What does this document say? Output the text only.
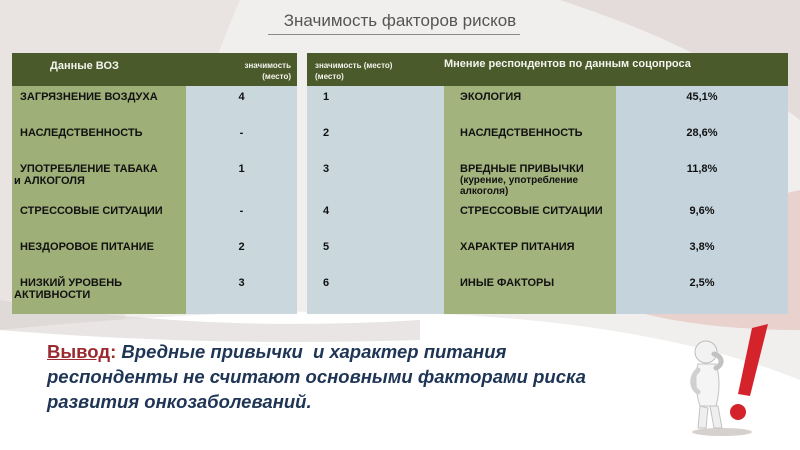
Значимость факторов рисков
Данные ВОЗ	значимость
(место)
ЗАГРЯЗНЕНИЕ ВОЗДУХА	4
НАСЛЕДСТВЕННОСТЬ	-

УПОТРЕБЛЕНИЕ ТАБАКА
и АЛКОГОЛЯ	1
СТРЕССОВЫЕ СИТУАЦИИ	-
НЕЗДОРОВОЕ ПИТАНИЕ	2

НИЗКИЙ УРОВЕНЬ
АКТИВНОСТИ	3
значимость (место)
(место)	Мнение респондентов по данным соцопроса	
1	ЭКОЛОГИЯ	45,1%
2	НАСЛЕДСТВЕННОСТЬ	28,6%
3	ВРЕДНЫЕ ПРИВЫЧКИ
(курение, употребление алкоголя)	11,8%
4	СТРЕССОВЫЕ СИТУАЦИИ	9,6%
5	ХАРАКТЕР ПИТАНИЯ	3,8%
6	ИНЫЕ ФАКТОРЫ	2,5%
Вывод: Вредные привычки  и характер питания
респонденты не считают основными факторами риска
развития онкозаболеваний.
